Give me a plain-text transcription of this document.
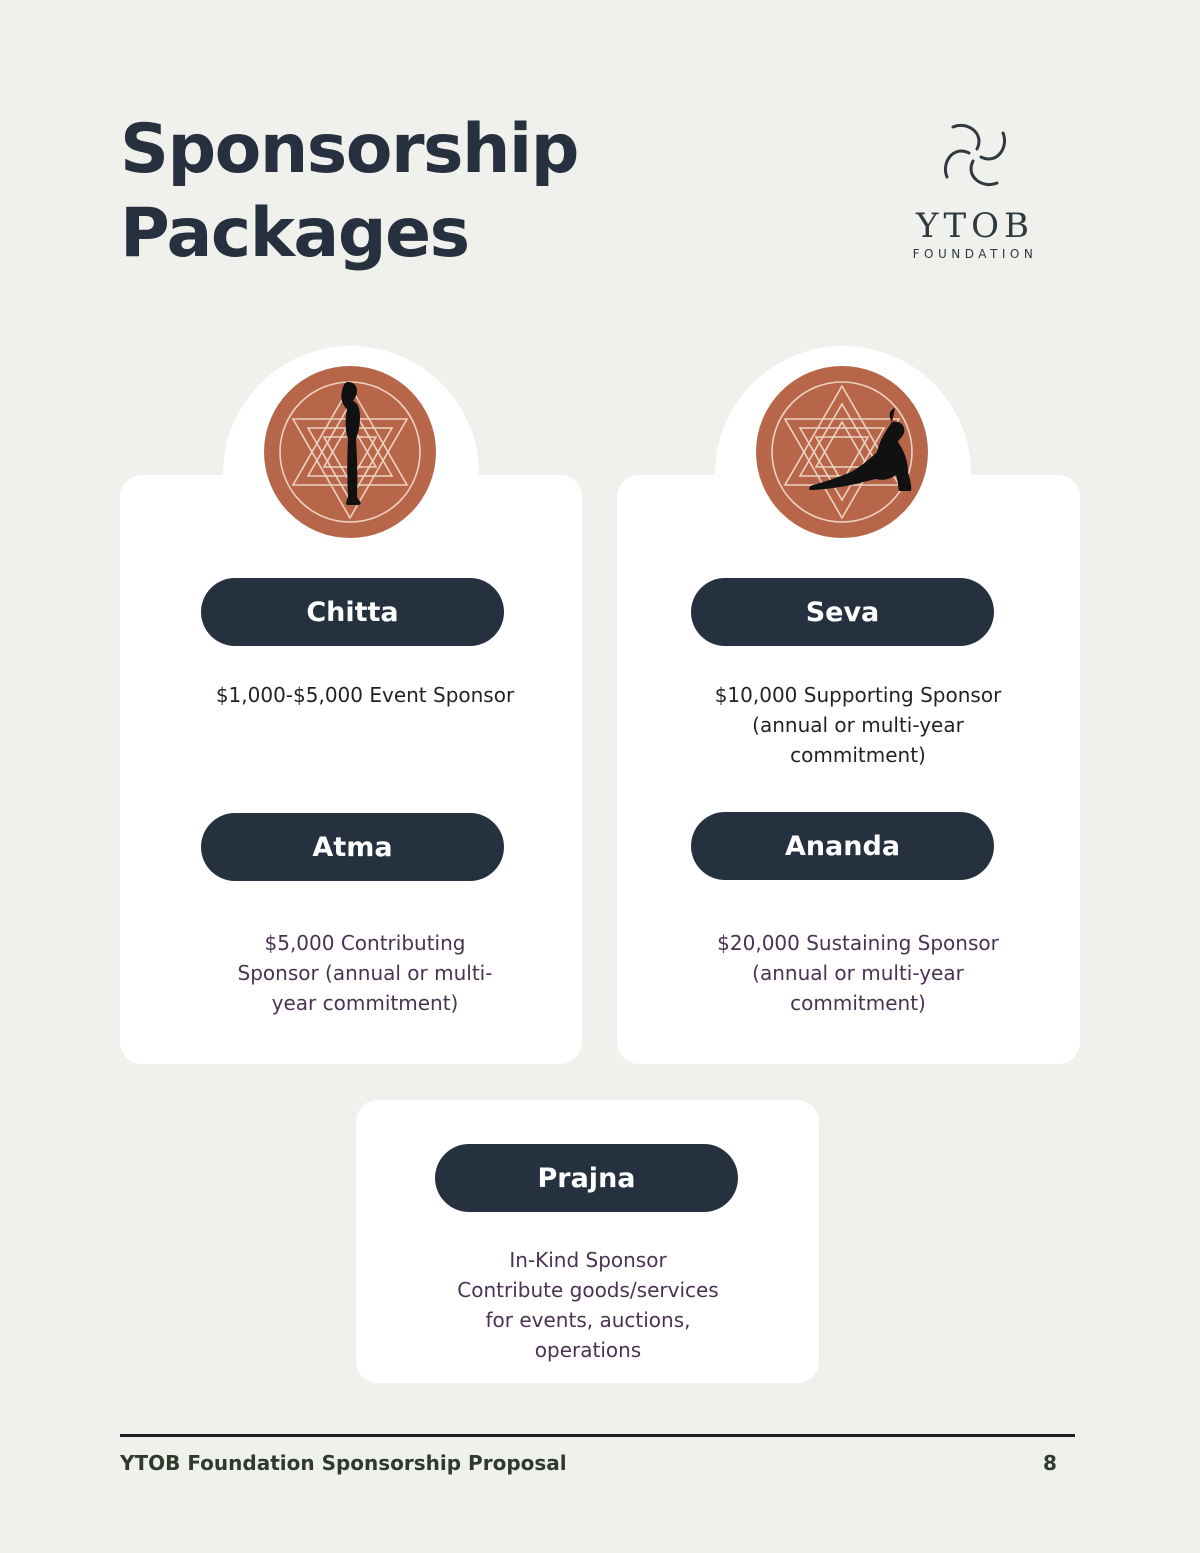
Sponsorship
Packages	YTOB
FOUNDATION
Chitta	Seva
Atma	Ananda
Prajna
$1,000-$5,000 Event Sponsor	$10,000 Supporting Sponsor
(annual or multi-year
commitment)
$5,000 Contributing
Sponsor (annual or multi-
year commitment)
$20,000 Sustaining Sponsor
(annual or multi-year
commitment)
In-Kind Sponsor
Contribute goods/services
for events, auctions,
operations
YTOB Foundation Sponsorship Proposal	8
